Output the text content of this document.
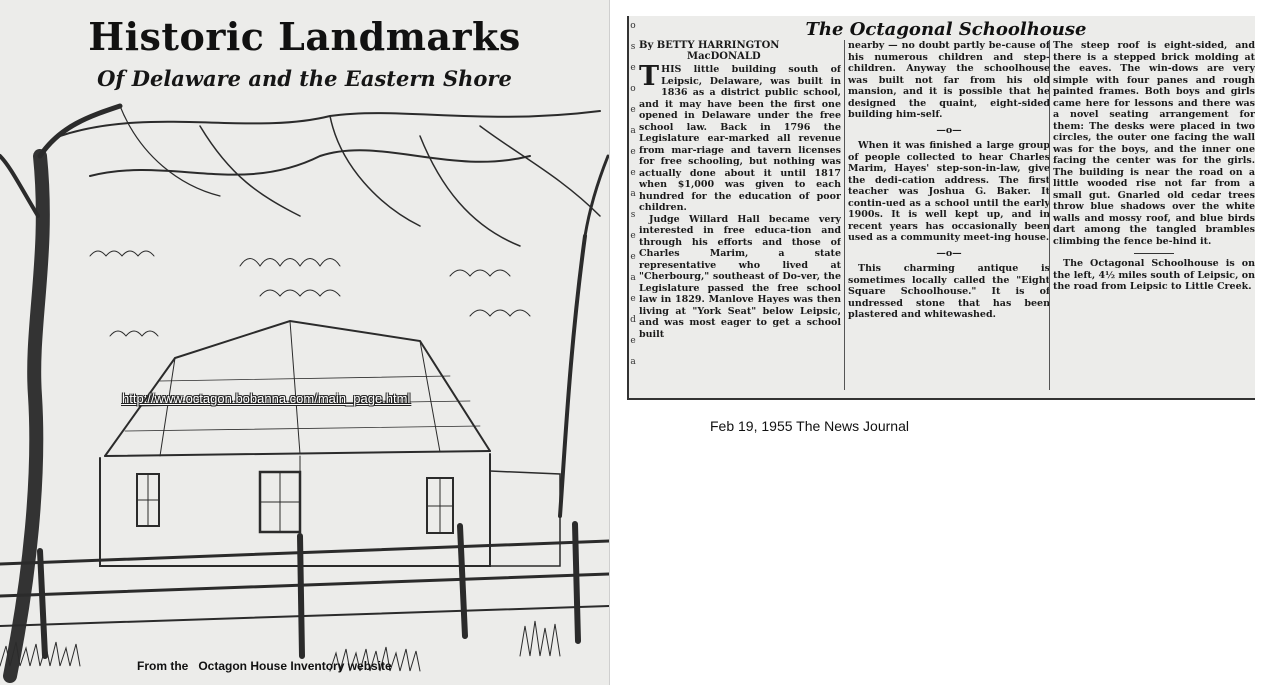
Historic Landmarks
Of Delaware and the Eastern Shore
http://www.octagon.bobanna.com/main_page.html
From the Octagon House Inventory website
o
s
e
o
e
a
e
e
a
s
e
e
a
e
d
e
a
The Octagonal Schoolhouse
By BETTY HARRINGTON
MacDONALD

THIS little building south of Leipsic, Delaware, was built in 1836 as a district public school, and it may have been the first one opened in Delaware under the free school law. Back in 1796 the Legislature ear-marked all revenue from mar-riage and tavern licenses for free schooling, but nothing was actually done about it until 1817 when $1,000 was given to each hundred for the education of poor children.

Judge Willard Hall became very interested in free educa-tion and through his efforts and those of Charles Marim, a state representative who lived at "Cherbourg," southeast of Do-ver, the Legislature passed the free school law in 1829. Manlove Hayes was then living at "York Seat" below Leipsic, and was most eager to get a school built

nearby — no doubt partly be-cause of his numerous children and step-children. Anyway the schoolhouse was built not far from his old mansion, and it is possible that he designed the quaint, eight-sided building him-self.

—o—

When it was finished a large group of people collected to hear Charles Marim, Hayes' step-son-in-law, give the dedi-cation address. The first teacher was Joshua G. Baker. It contin-ued as a school until the early 1900s. It is well kept up, and in recent years has occasionally been used as a community meet-ing house.

—o—

This charming antique is sometimes locally called the "Eight Square Schoolhouse." It is of undressed stone that has been plastered and whitewashed.

The steep roof is eight-sided, and there is a stepped brick molding at the eaves. The win-dows are very simple with four panes and rough painted frames. Both boys and girls came here for lessons and there was a novel seating arrangement for them: The desks were placed in two circles, the outer one facing the wall was for the boys, and the inner one facing the center was for the girls. The building is near the road on a little wooded rise not far from a small gut. Gnarled old cedar trees throw blue shadows over the white walls and mossy roof, and blue birds dart among the tangled brambles climbing the fence be-hind it.

The Octagonal Schoolhouse is on the left, 4½ miles south of Leipsic, on the road from Leipsic to Little Creek.

Feb 19, 1955 The News Journal
